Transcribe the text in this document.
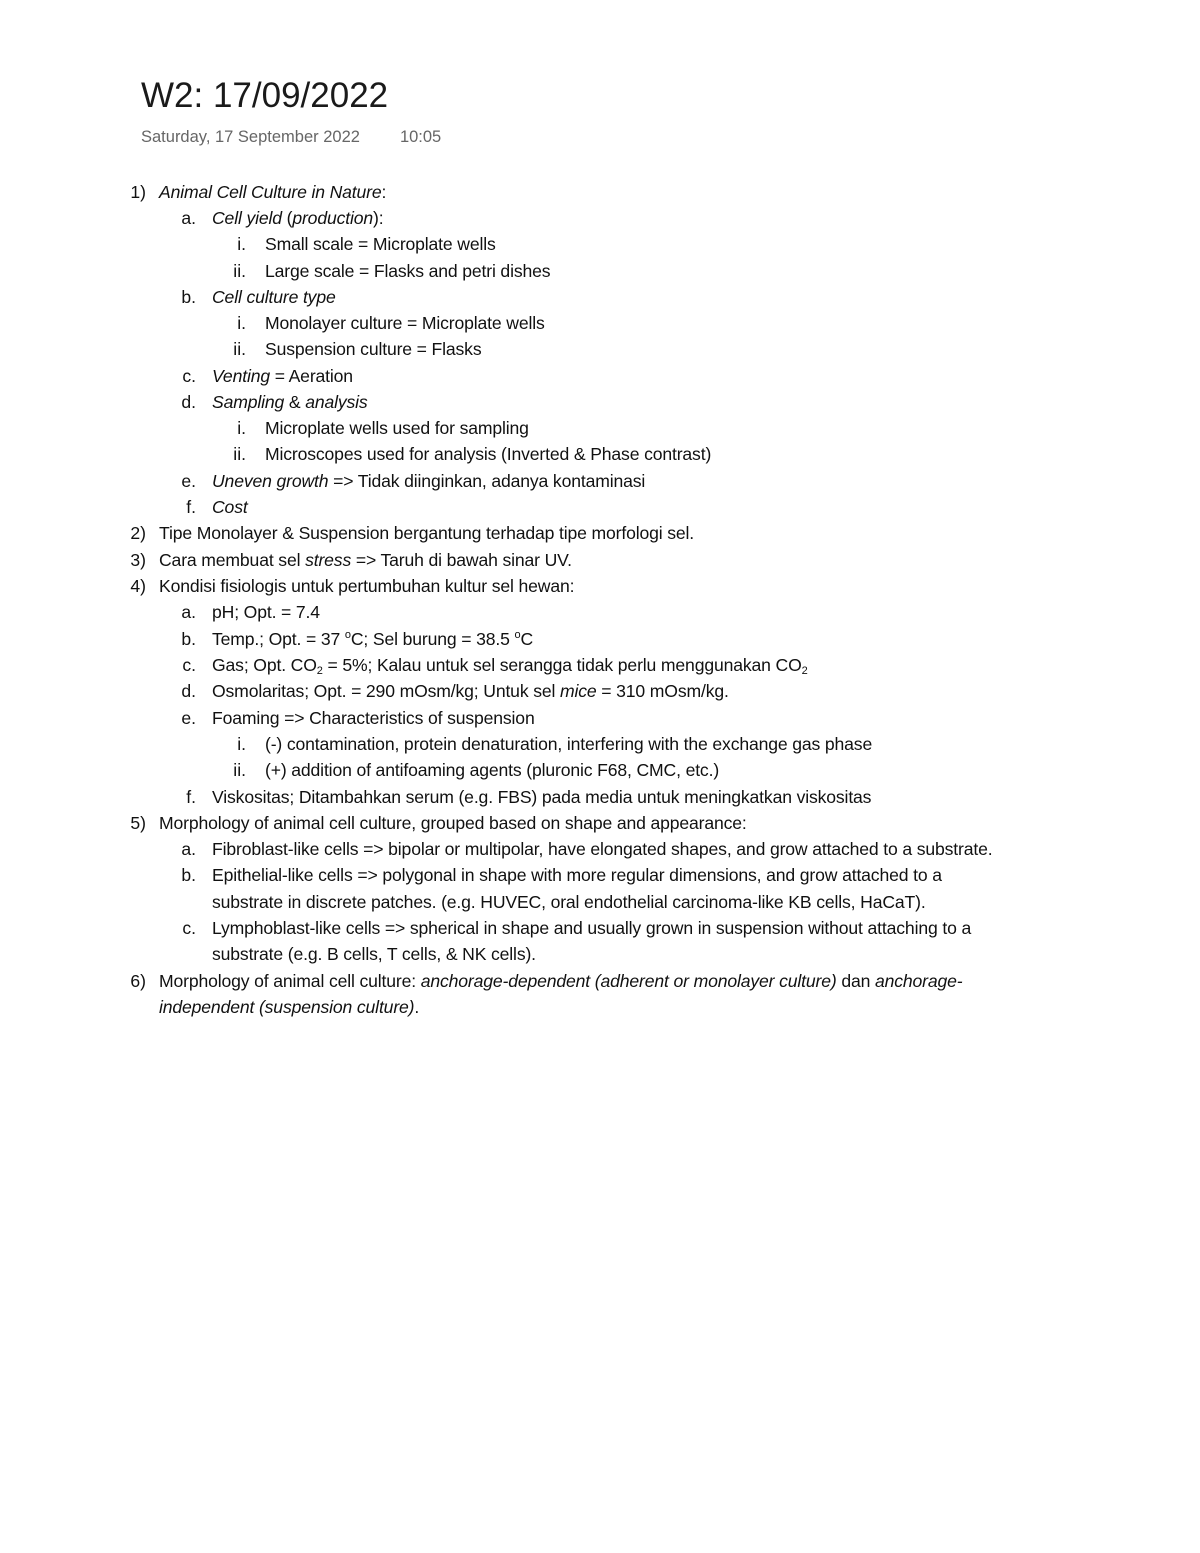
W2: 17/09/2022
Saturday, 17 September 2022 10:05
1) Animal Cell Culture in Nature:
a. Cell yield (production):
i. Small scale = Microplate wells
ii. Large scale = Flasks and petri dishes
b. Cell culture type
i. Monolayer culture = Microplate wells
ii. Suspension culture = Flasks
c. Venting = Aeration
d. Sampling & analysis
i. Microplate wells used for sampling
ii. Microscopes used for analysis (Inverted & Phase contrast)
e. Uneven growth => Tidak diinginkan, adanya kontaminasi
f. Cost
2) Tipe Monolayer & Suspension bergantung terhadap tipe morfologi sel.
3) Cara membuat sel stress => Taruh di bawah sinar UV.
4) Kondisi fisiologis untuk pertumbuhan kultur sel hewan:
a. pH; Opt. = 7.4
b. Temp.; Opt. = 37 $^o$C; Sel burung = 38.5 $^o$C
c. Gas; Opt. $CO_2 = 5\%$; Kalau untuk sel serangga tidak perlu menggunakan $CO_2$
d. Osmolaritas; Opt. = 290 mOsm/kg; Untuk sel mice = 310 mOsm/kg.
e. Foaming => Characteristics of suspension
i. (-) contamination, protein denaturation, interfering with the exchange gas phase
ii. (+) addition of antifoaming agents (pluronic F68, CMC, etc.)
f. Viskositas; Ditambahkan serum (e.g. FBS) pada media untuk meningkatkan viskositas
5) Morphology of animal cell culture, grouped based on shape and appearance:
a. Fibroblast-like cells => bipolar or multipolar, have elongated shapes, and grow attached to a substrate.
b. Epithelial-like cells => polygonal in shape with more regular dimensions, and grow attached to a
substrate in discrete patches. (e.g. HUVEC, oral endothelial carcinoma-like KB cells, HaCaT).
c. Lymphoblast-like cells => spherical in shape and usually grown in suspension without attaching to a
substrate (e.g. B cells, T cells, & NK cells).
6) Morphology of animal cell culture: anchorage-dependent (adherent or monolayer culture) dan anchorage-
independent (suspension culture).
